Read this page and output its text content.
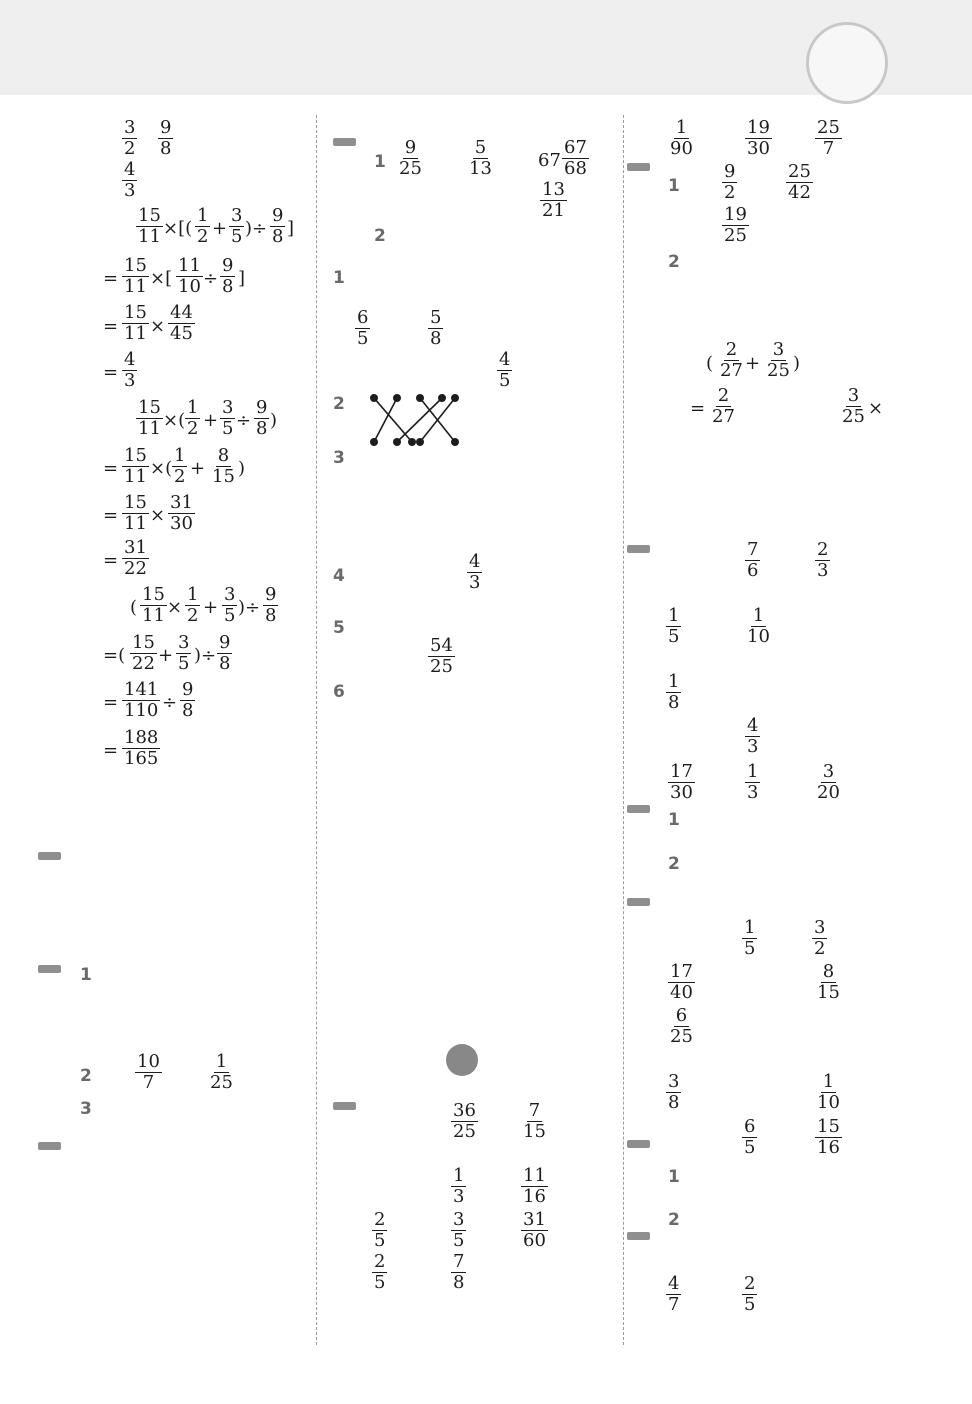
3
2
9
8
4
3
15
11 ×[(
1
2 +
3
5 )÷
9
8 ]
=
15
11 ×[
11
10 ÷
9
8 ]
=
15
11 ×
44
45
=
4
3
15
11 ×(
1
2 +
3
5 ÷
9
8 )
=
15
11 ×(
1
2 +
8
15 )
=
15
11 ×
31
30
=
31
22
(
15
11 ×
1
2 +
3
5 )÷
9
8
=(
15
22 +
3
5 )÷
9
8
=
141
110 ÷
9
8
=
188
165
1
2
10
7
1
25
3
1
9
25
5
13	67
67
68
13
21
2
1
6
5
5
8
4
5
2
3
4
4
3
5
54
25
6
36
25
7
15
1
3
11
16
2
5
3
5
31
60
2
5
7
8
1
90
19
30
25
7
1
9
2
25
42
19
25
2
(
2
27 +
3
25 )
=
2
27
3
25 ×
7
6
2
3
1
5
1
10
1
8
4
3
17
30
1
3
3
20
1
2
1
5
3
2
17
40
8
15
6
25
3
8
1
10
6
5
15
16
1
2
4
7
2
5
